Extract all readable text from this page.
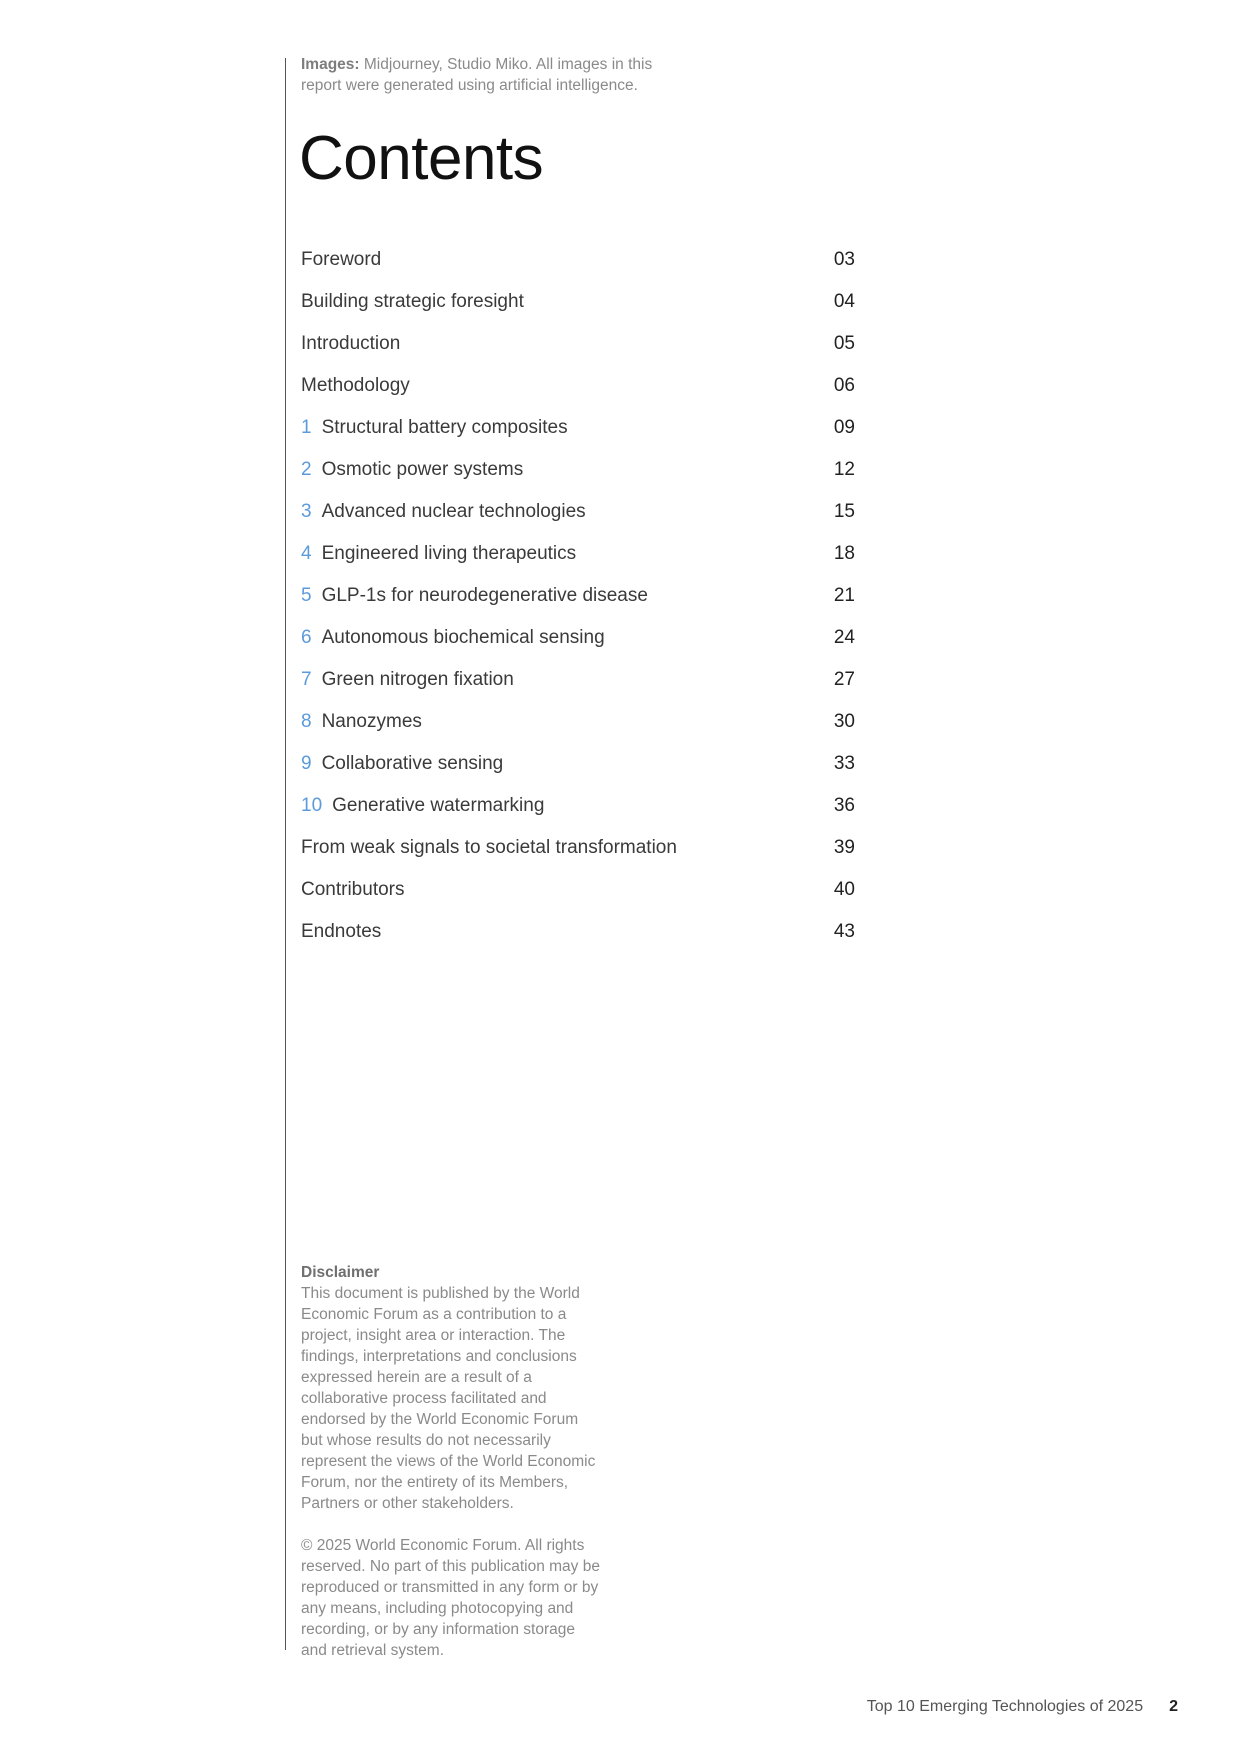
Images: Midjourney, Studio Miko. All images in this report were generated using artificial intelligence.
Contents
Foreword	03
Building strategic foresight	04
Introduction	05
Methodology	06
1 Structural battery composites	09
2 Osmotic power systems	12
3 Advanced nuclear technologies	15
4 Engineered living therapeutics	18
5 GLP-1s for neurodegenerative disease	21
6 Autonomous biochemical sensing	24
7 Green nitrogen fixation	27
8 Nanozymes	30
9 Collaborative sensing	33
10 Generative watermarking	36
From weak signals to societal transformation	39
Contributors	40
Endnotes	43
Disclaimer

This document is published by the World Economic Forum as a contribution to a project, insight area or interaction. The findings, interpretations and conclusions expressed herein are a result of a collaborative process facilitated and endorsed by the World Economic Forum but whose results do not necessarily represent the views of the World Economic Forum, nor the entirety of its Members, Partners or other stakeholders.

© 2025 World Economic Forum. All rights reserved. No part of this publication may be reproduced or transmitted in any form or by any means, including photocopying and recording, or by any information storage and retrieval system.

Top 10 Emerging Technologies of 2025 2
